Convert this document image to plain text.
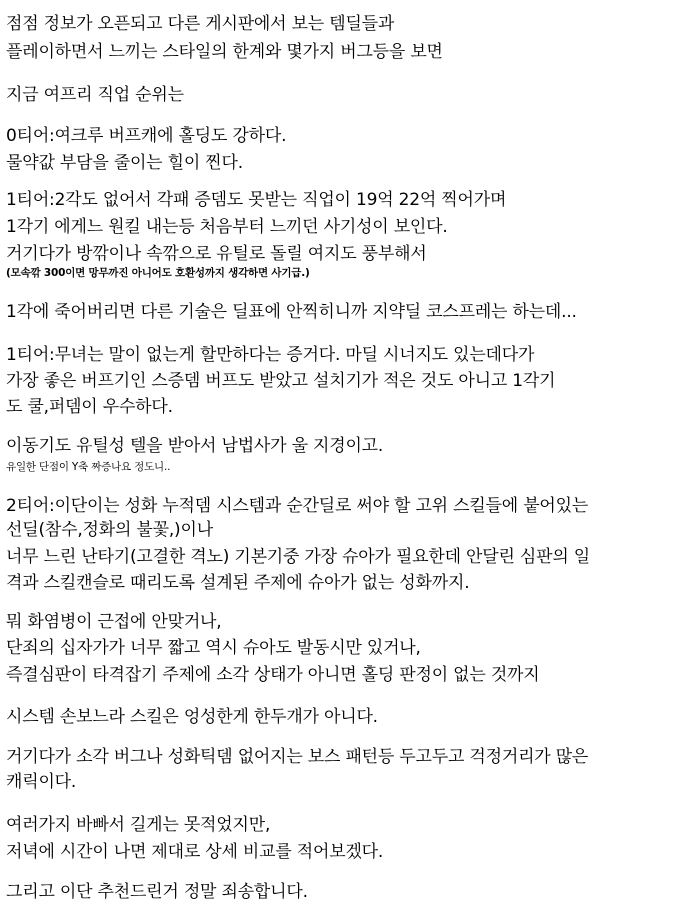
점점 정보가 오픈되고 다른 게시판에서 보는 템딜들과
플레이하면서 느끼는 스타일의 한계와 몇가지 버그등을 보면
지금 여프리 직업 순위는
0티어:여크루 버프캐에 홀딩도 강하다.
물약값 부담을 줄이는 힐이 찐다.
1티어:2각도 없어서 각패 증뎀도 못받는 직업이 19억 22억 찍어가며
1각기 에게느 원킬 내는등 처음부터 느끼던 사기성이 보인다.
거기다가 방깎이나 속깎으로 유틸로 돌릴 여지도 풍부해서
(모속깎 300이면 망무까진 아니어도 호환성까지 생각하면 사기급.)
1각에 죽어버리면 다른 기술은 딜표에 안찍히니까 지약딜 코스프레는 하는데...
1티어:무녀는 말이 없는게 할만하다는 증거다. 마딜 시너지도 있는데다가
가장 좋은 버프기인 스증뎀 버프도 받았고 설치기가 적은 것도 아니고 1각기
도 쿨,퍼뎀이 우수하다.
이동기도 유틸성 텔을 받아서 남법사가 울 지경이고.
유일한 단점이 Y축 짜증나요 정도니..
2티어:이단이는 성화 누적뎀 시스템과 순간딜로 써야 할 고위 스킬들에 붙어있는
선딜(참수,정화의 불꽃,)이나
너무 느린 난타기(고결한 격노) 기본기중 가장 슈아가 필요한데 안달린 심판의 일
격과 스킬캔슬로 때리도록 설계된 주제에 슈아가 없는 성화까지.
뭐 화염병이 근접에 안맞거나,
단죄의 십자가가 너무 짧고 역시 슈아도 발동시만 있거나,
즉결심판이 타격잡기 주제에 소각 상태가 아니면 홀딩 판정이 없는 것까지
시스템 손보느라 스킬은 엉성한게 한두개가 아니다.
거기다가 소각 버그나 성화틱뎀 없어지는 보스 패턴등 두고두고 걱정거리가 많은
캐릭이다.
여러가지 바빠서 길게는 못적었지만,
저녁에 시간이 나면 제대로 상세 비교를 적어보겠다.
그리고 이단 추천드린거 정말 죄송합니다.
